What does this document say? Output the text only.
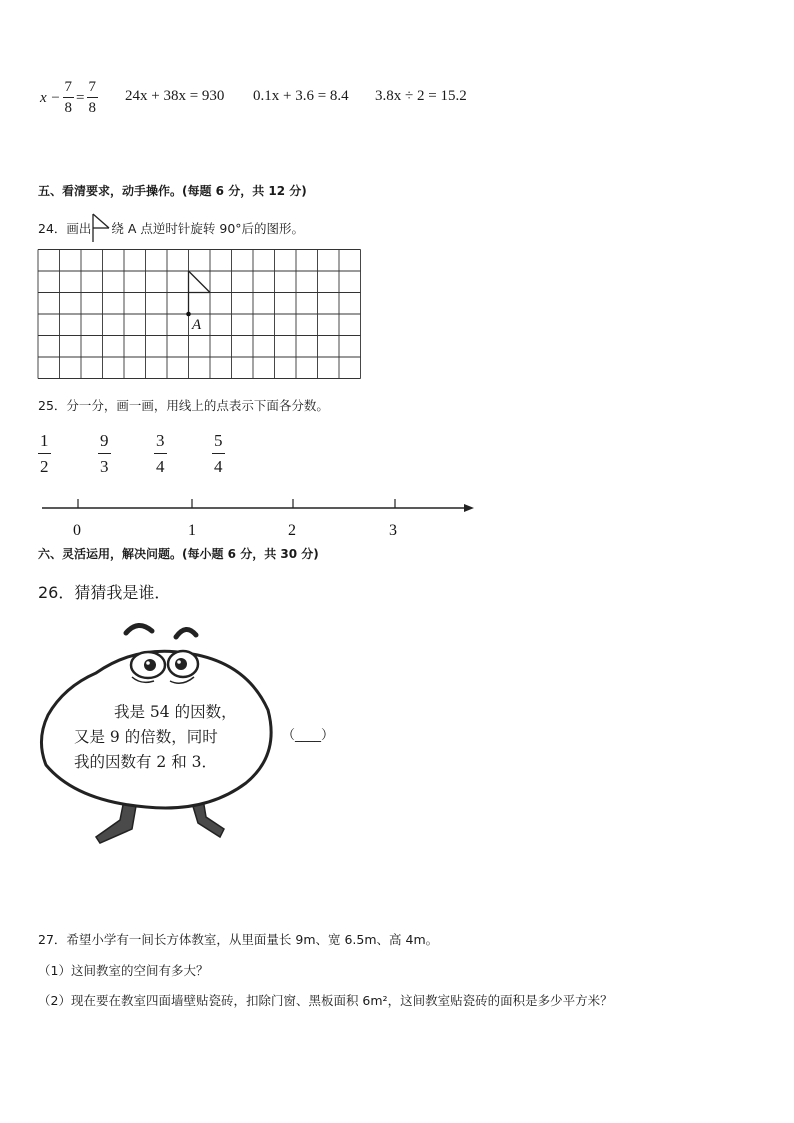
$x - \frac{7}{8} = \frac{7}{8} 24x + 38x = 930$ 0.1x + 3.6 = 8.4 3.8x ÷ 2 = 15.2
五、看清要求，动手操作。(每题 6 分，共 12 分)
24．画出 绕 A 点逆时针旋转 90°后的图形。
A
25．分一分，画一画，用线上的点表示下面各分数。
$\frac{1}{2}$	$\frac{9}{3}$	$\frac{3}{4}$	$\frac{5}{4}$
0	1	2	3
六、灵活运用，解决问题。(每小题 6 分，共 30 分)
26．猜猜我是谁．
我是 54 的因数，
又是 9 的倍数，同时
我的因数有 2 和 3．
（____）
27．希望小学有一间长方体教室，从里面量长 9m、宽 6.5m、高 4m。
（1）这间教室的空间有多大？
（2）现在要在教室四面墙壁贴瓷砖，扣除门窗、黑板面积 6m²，这间教室贴瓷砖的面积是多少平方米？
